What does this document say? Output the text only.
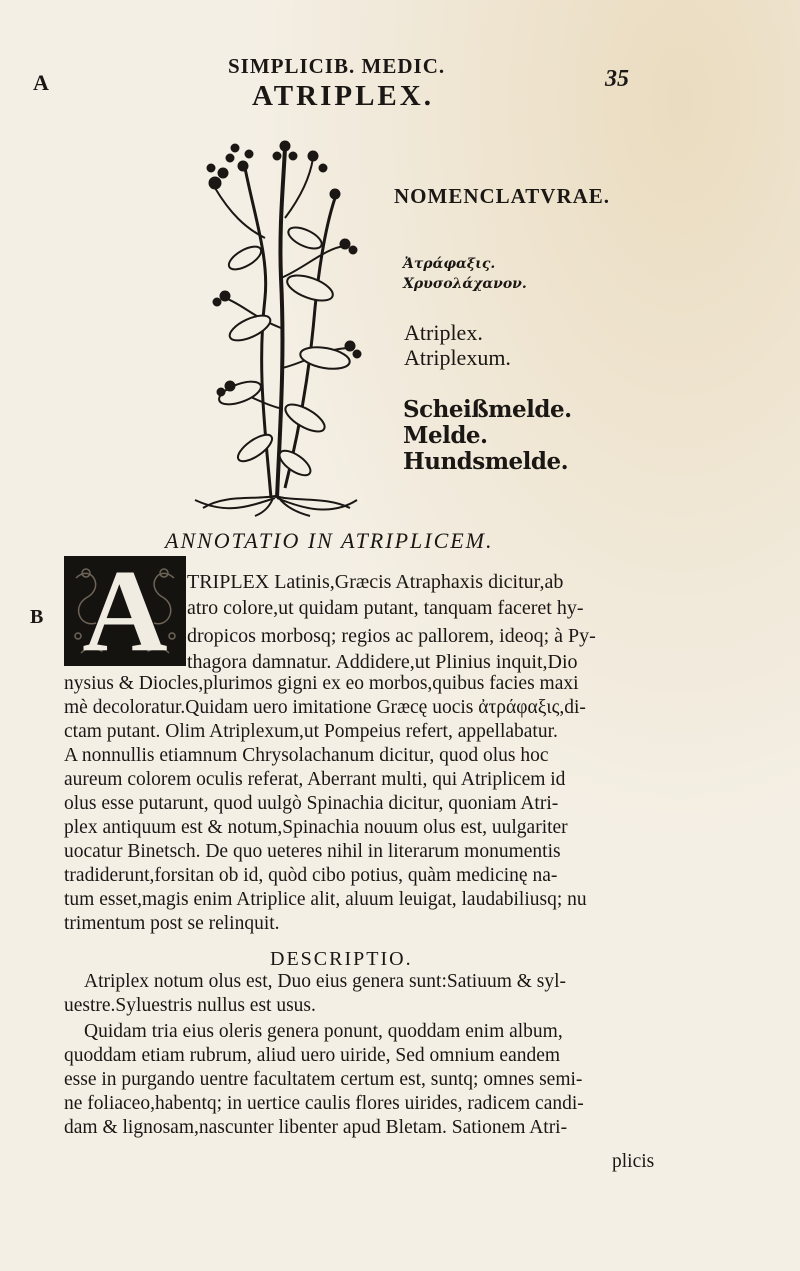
A
B
SIMPLICIB. MEDIC.
ATRIPLEX.
35
NOMENCLATVRAE.
Ἀτράφαξις.
Χρυσολάχανον.
Atriplex.
Atriplexum.
Scheißmelde.
Melde.
Hundsmelde.
ANNOTATIO IN ATRIPLICEM.
A TRIPLEX Latinis,Græcis Atraphaxis dicitur,ab
atro colore,ut quidam putant, tanquam faceret hy-
dropicos morbosq; regios ac pallorem, ideoq; à Py-
thagora damnatur. Addidere,ut Plinius inquit,Dio
nysius & Diocles,plurimos gigni ex eo morbos,quibus facies maxi
mè decoloratur.Quidam uero imitatione Græcę uocis ἀτράφαξις,di-
ctam putant. Olim Atriplexum,ut Pompeius refert, appellabatur.
A nonnullis etiamnum Chrysolachanum dicitur, quod olus hoc
aureum colorem oculis referat, Aberrant multi, qui Atriplicem id
olus esse putarunt, quod uulgò Spinachia dicitur, quoniam Atri-
plex antiquum est & notum,Spinachia nouum olus est, uulgariter
uocatur Binetsch. De quo ueteres nihil in literarum monumentis
tradiderunt,forsitan ob id, quòd cibo potius, quàm medicinę na-
tum esset,magis enim Atriplice alit, aluum leuigat, laudabiliusq; nu
trimentum post se relinquit.
DESCRIPTIO.
Atriplex notum olus est, Duo eius genera sunt:Satiuum & syl-
uestre.Syluestris nullus est usus.
Quidam tria eius oleris genera ponunt, quoddam enim album,
quoddam etiam rubrum, aliud uero uiride, Sed omnium eandem
esse in purgando uentre facultatem certum est, suntq; omnes semi-
ne foliaceo,habentq; in uertice caulis flores uirides, radicem candi-
dam & lignosam,nascunter libenter apud Bletam. Sationem Atri-
plicis
